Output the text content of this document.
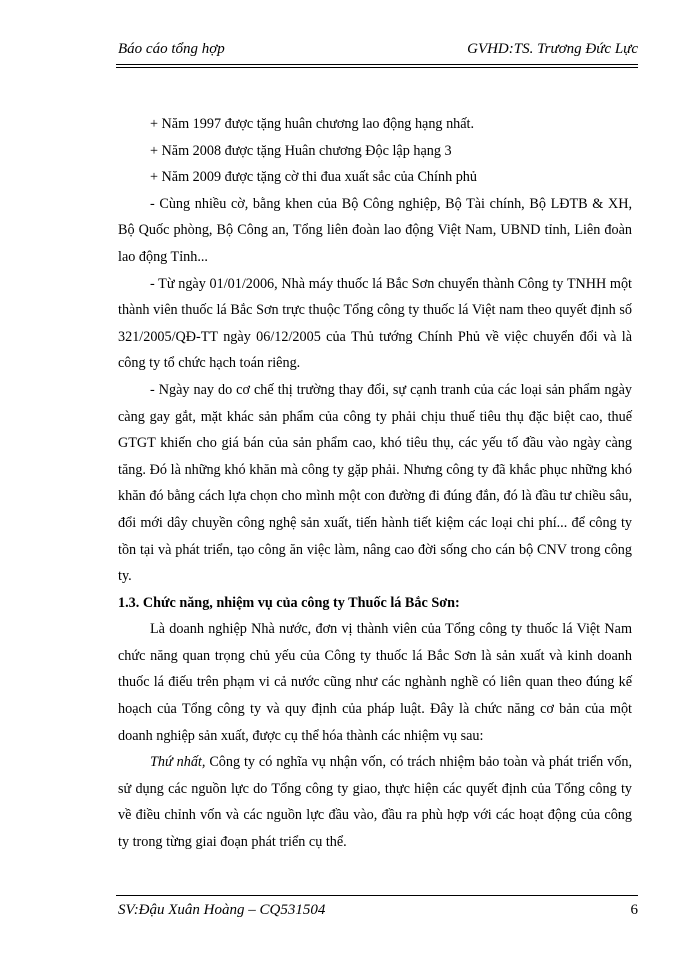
Báo cáo tổng hợp	GVHD:TS. Trương Đức Lực

+ Năm 1997 được tặng huân chương lao động hạng nhất.

+ Năm 2008 được tặng Huân chương Độc lập hạng 3

+ Năm 2009 được tặng cờ thi đua xuất sắc của Chính phủ

- Cùng nhiều cờ, bằng khen của Bộ Công nghiệp, Bộ Tài chính, Bộ LĐTB & XH, Bộ Quốc phòng, Bộ Công an, Tổng liên đoàn lao động Việt Nam, UBND tỉnh, Liên đoàn lao động Tỉnh...

- Từ ngày 01/01/2006, Nhà máy thuốc lá Bắc Sơn chuyển thành Công ty TNHH một thành viên thuốc lá Bắc Sơn trực thuộc Tổng công ty thuốc lá Việt nam theo quyết định số 321/2005/QĐ-TT ngày 06/12/2005 của Thủ tướng Chính Phủ về việc chuyển đổi và là công ty tổ chức hạch toán riêng.

- Ngày nay do cơ chế thị trường thay đổi, sự cạnh tranh của các loại sản phẩm ngày càng gay gắt, mặt khác sản phẩm của công ty phải chịu thuế tiêu thụ đặc biệt cao, thuế GTGT khiến cho giá bán của sản phẩm cao, khó tiêu thụ, các yếu tố đầu vào ngày càng tăng. Đó là những khó khăn mà công ty gặp phải. Nhưng công ty đã khắc phục những khó khăn đó bằng cách lựa chọn cho mình một con đường đi đúng đắn, đó là đầu tư chiều sâu, đổi mới dây chuyền công nghệ sản xuất, tiến hành tiết kiệm các loại chi phí... để công ty tồn tại và phát triển, tạo công ăn việc làm, nâng cao đời sống cho cán bộ CNV trong công ty.

1.3. Chức năng, nhiệm vụ của công ty Thuốc lá Bắc Sơn:

Là doanh nghiệp Nhà nước, đơn vị thành viên của Tổng công ty thuốc lá Việt Nam chức năng quan trọng chủ yếu của Công ty thuốc lá Bắc Sơn là sản xuất và kinh doanh thuốc lá điếu trên phạm vi cả nước cũng như các nghành nghề có liên quan theo đúng kế hoạch của Tổng công ty và quy định của pháp luật. Đây là chức năng cơ bản của một doanh nghiệp sản xuất, được cụ thể hóa thành các nhiệm vụ sau:

Thứ nhất, Công ty có nghĩa vụ nhận vốn, có trách nhiệm bảo toàn và phát triển vốn, sử dụng các nguồn lực do Tổng công ty giao, thực hiện các quyết định của Tổng công ty về điều chỉnh vốn và các nguồn lực đầu vào, đầu ra phù hợp với các hoạt động của công ty trong từng giai đoạn phát triển cụ thể.

SV:Đậu Xuân Hoàng – CQ531504	6
